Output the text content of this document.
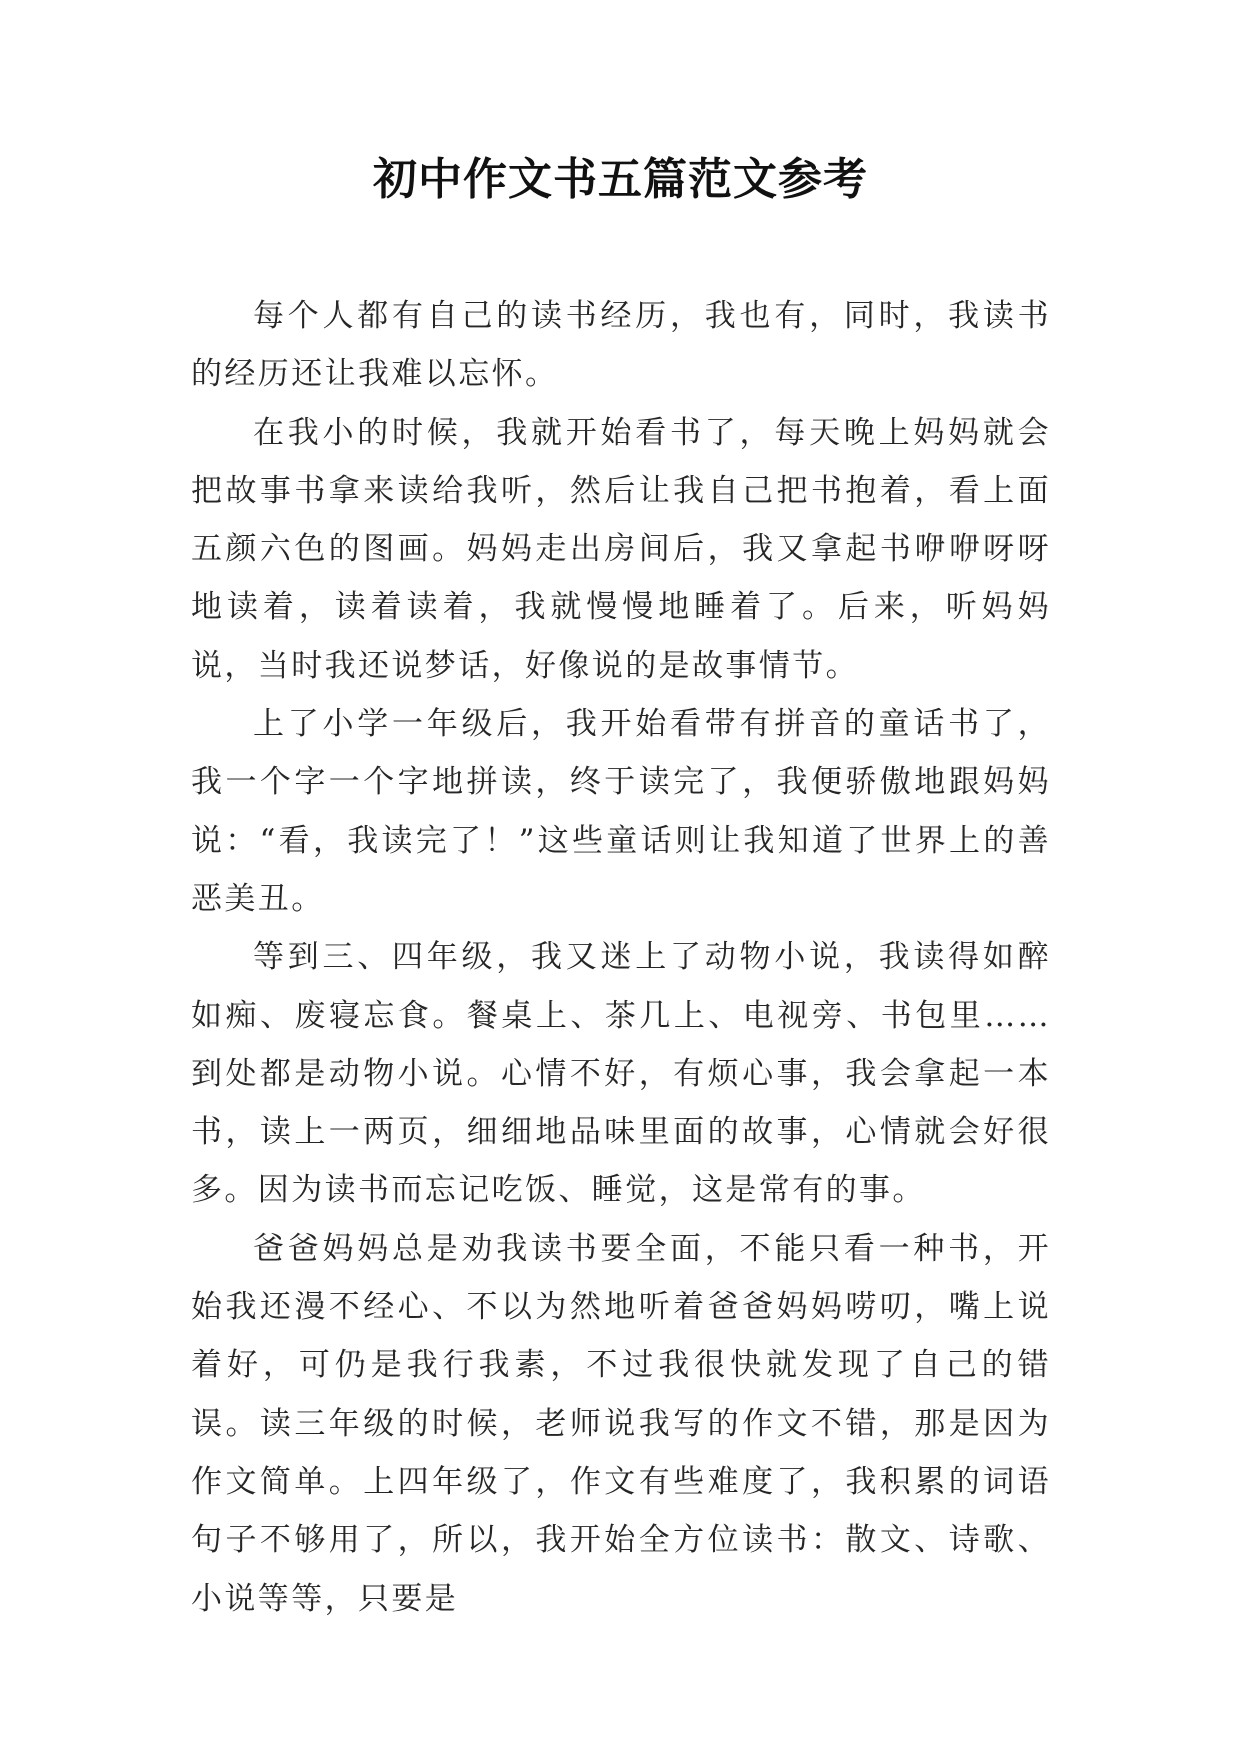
初中作文书五篇范文参考

每个人都有自己的读书经历，我也有，同时，我读书的经历还让我难以忘怀。

在我小的时候，我就开始看书了，每天晚上妈妈就会把故事书拿来读给我听，然后让我自己把书抱着，看上面五颜六色的图画。妈妈走出房间后，我又拿起书咿咿呀呀地读着，读着读着，我就慢慢地睡着了。后来，听妈妈说，当时我还说梦话，好像说的是故事情节。

上了小学一年级后，我开始看带有拼音的童话书了，我一个字一个字地拼读，终于读完了，我便骄傲地跟妈妈说：“看，我读完了！”这些童话则让我知道了世界上的善恶美丑。

等到三、四年级，我又迷上了动物小说，我读得如醉如痴、废寝忘食。餐桌上、茶几上、电视旁、书包里……到处都是动物小说。心情不好，有烦心事，我会拿起一本书，读上一两页，细细地品味里面的故事，心情就会好很多。因为读书而忘记吃饭、睡觉，这是常有的事。

爸爸妈妈总是劝我读书要全面，不能只看一种书，开始我还漫不经心、不以为然地听着爸爸妈妈唠叨，嘴上说着好，可仍是我行我素，不过我很快就发现了自己的错误。读三年级的时候，老师说我写的作文不错，那是因为作文简单。上四年级了，作文有些难度了，我积累的词语句子不够用了，所以，我开始全方位读书：散文、诗歌、小说等等，只要是
